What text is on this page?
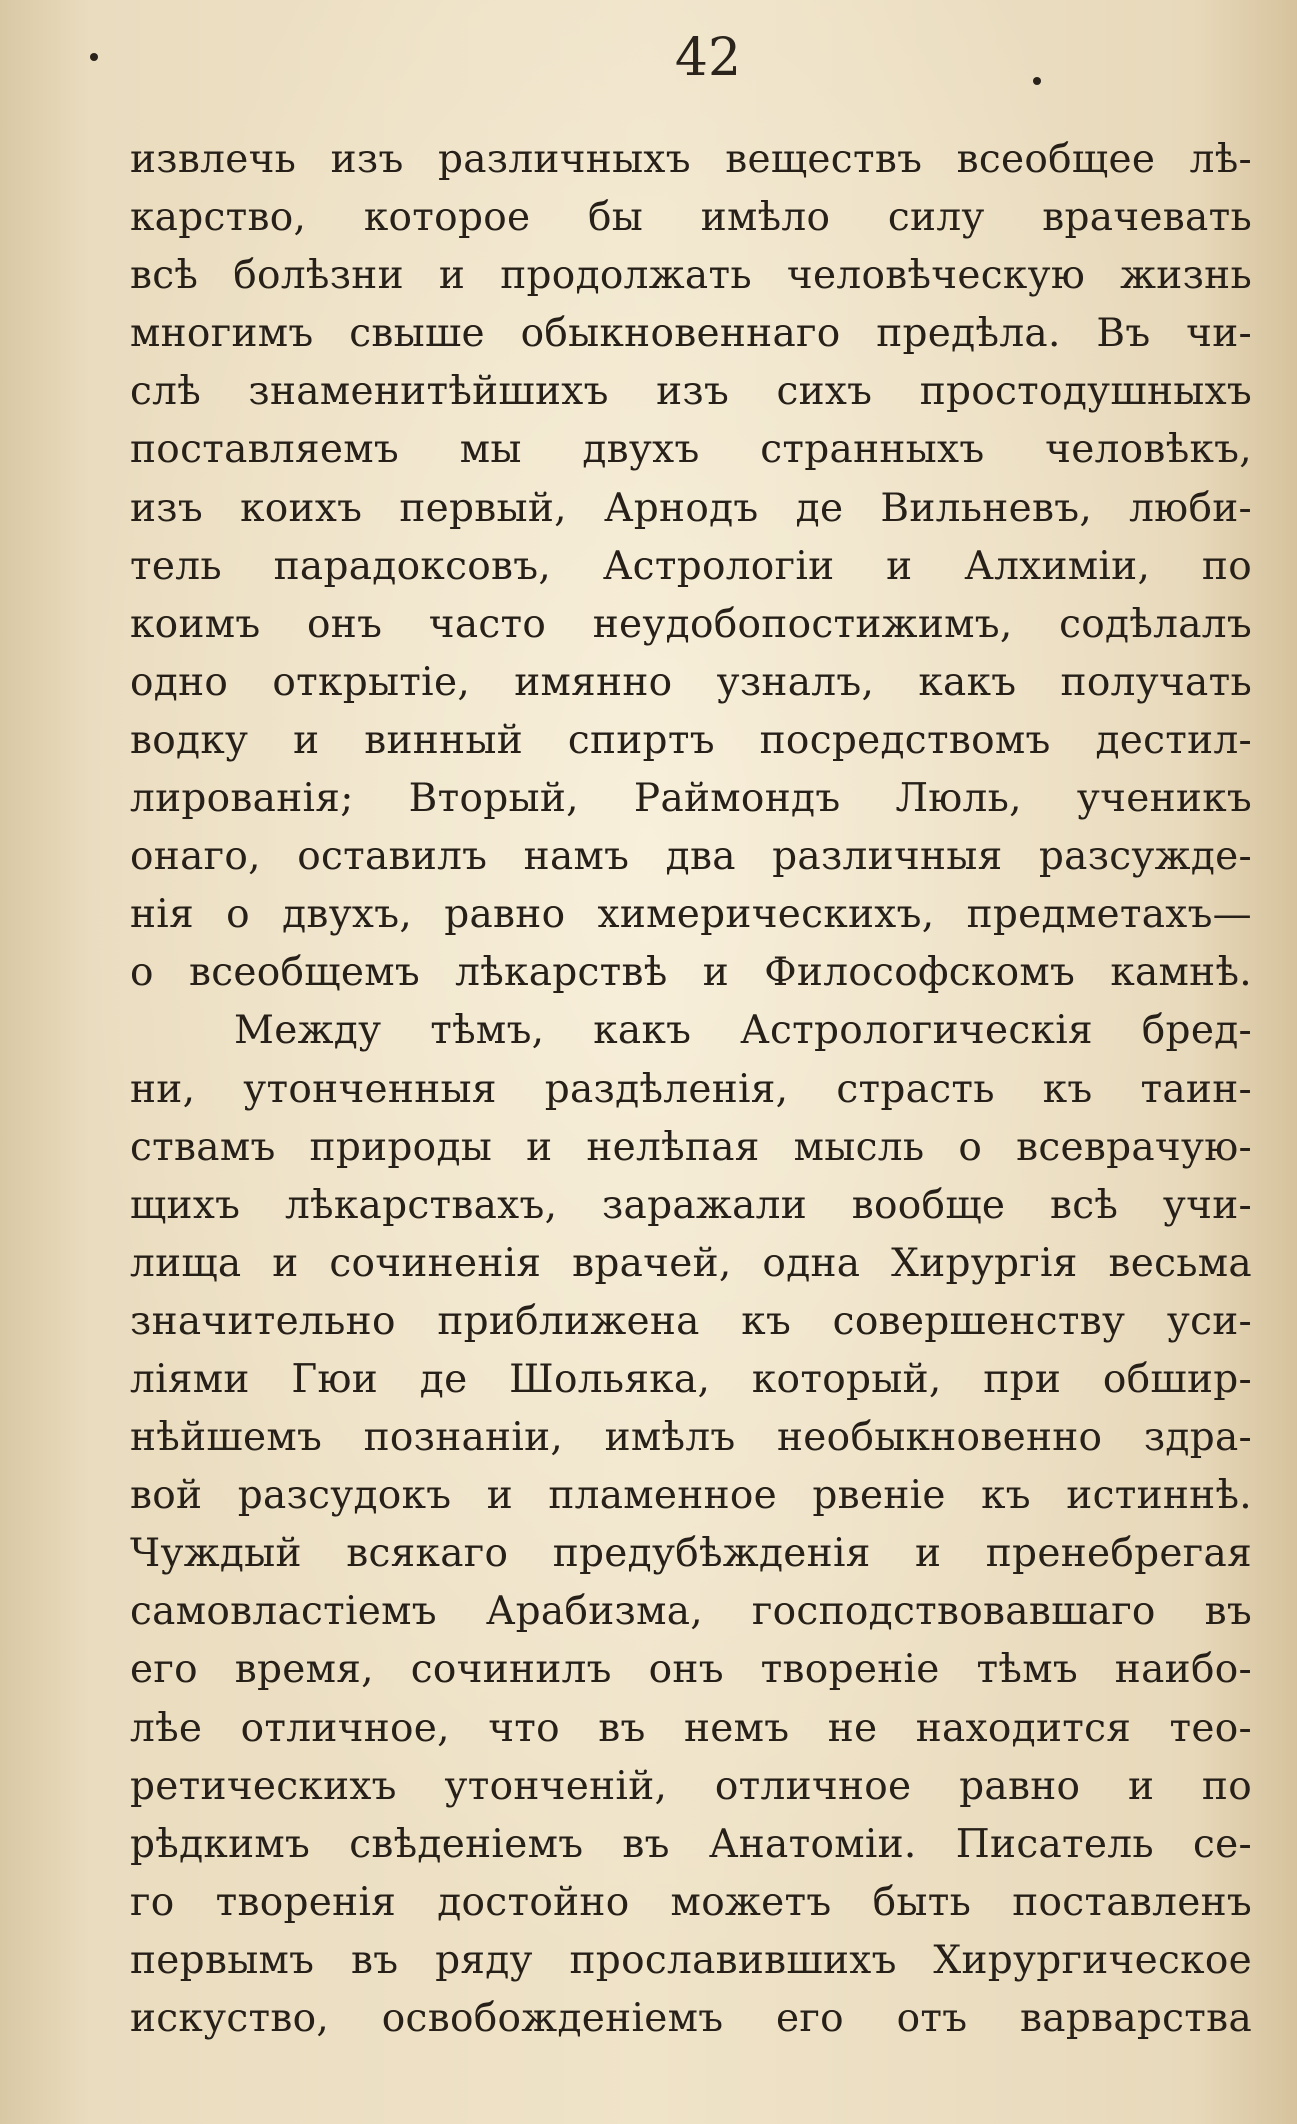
42
извлечь изъ различныхъ веществъ всеобщее лѣ-
карство, которое бы имѣло силу врачевать
всѣ болѣзни и продолжать человѣческую жизнь
многимъ свыше обыкновеннаго предѣла. Въ чи-
слѣ знаменитѣйшихъ изъ сихъ простодушныхъ
поставляемъ мы двухъ странныхъ человѣкъ,
изъ коихъ первый, Арнодъ де Вильневъ, люби-
тель парадоксовъ, Астрологіи и Алхиміи, по
коимъ онъ часто неудобопостижимъ, содѣлалъ
одно открытіе, имянно узналъ, какъ получать
водку и винный спиртъ посредствомъ дестил-
лированія; Вторый, Раймондъ Люль, ученикъ
онаго, оставилъ намъ два различныя разсужде-
нія о двухъ, равно химерическихъ, предметахъ—
о всеобщемъ лѣкарствѣ и Философскомъ камнѣ.
Между тѣмъ, какъ Астрологическія бред-
ни, утонченныя раздѣленія, страсть къ таин-
ствамъ природы и нелѣпая мысль о всеврачую-
щихъ лѣкарствахъ, заражали вообще всѣ учи-
лища и сочиненія врачей, одна Хирургія весьма
значительно приближена къ совершенству уси-
ліями Гюи де Шольяка, который, при обшир-
нѣйшемъ познаніи, имѣлъ необыкновенно здра-
вой разсудокъ и пламенное рвеніе къ истиннѣ.
Чуждый всякаго предубѣжденія и пренебрегая
самовластіемъ Арабизма, господствовавшаго въ
его время, сочинилъ онъ твореніе тѣмъ наибо-
лѣе отличное, что въ немъ не находится тео-
ретическихъ утонченій, отличное равно и по
рѣдкимъ свѣденіемъ въ Анатоміи. Писатель се-
го творенія достойно можетъ быть поставленъ
первымъ въ ряду прославившихъ Хирургическое
искуство, освобожденіемъ его отъ варварства
